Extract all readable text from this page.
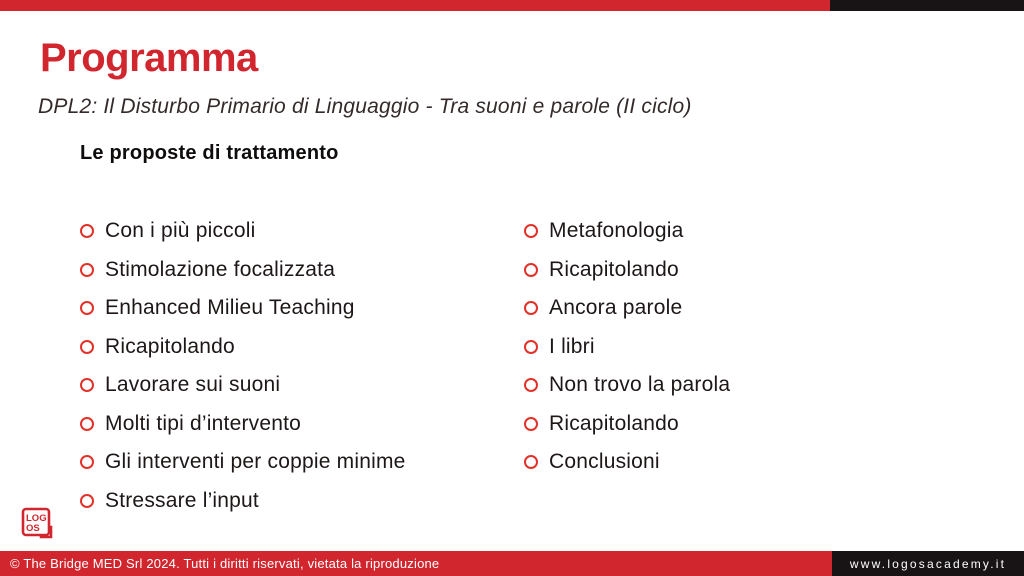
Programma
DPL2: Il Disturbo Primario di Linguaggio - Tra suoni e parole (II ciclo)
Le proposte di trattamento
Con i più piccoli
Stimolazione focalizzata
Enhanced Milieu Teaching
Ricapitolando
Lavorare sui suoni
Molti tipi d’intervento
Gli interventi per coppie minime
Stressare l’input
Metafonologia
Ricapitolando
Ancora parole
I libri
Non trovo la parola
Ricapitolando
Conclusioni
LOG
OS
© The Bridge MED Srl 2024. Tutti i diritti riservati, vietata la riproduzione	www.logosacademy.it
